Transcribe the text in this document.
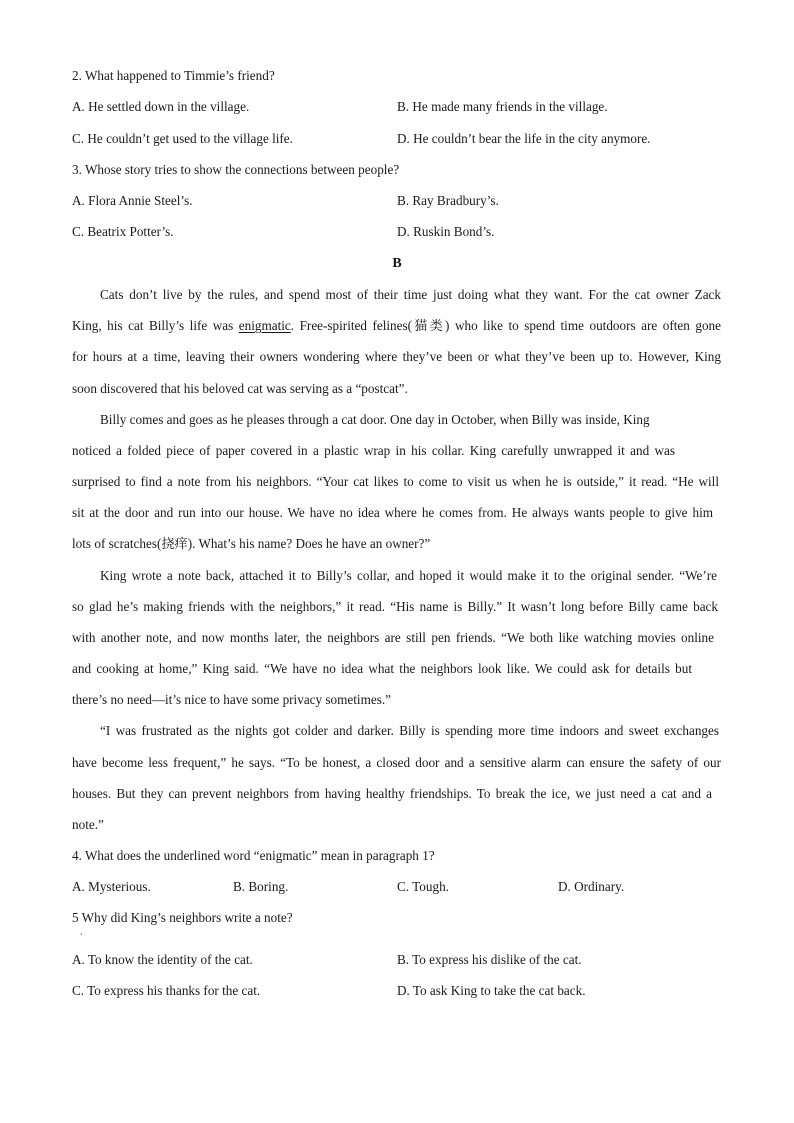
2. What happened to Timmie’s friend?
A. He settled down in the village.	B. He made many friends in the village.
C. He couldn’t get used to the village life.	D. He couldn’t bear the life in the city anymore.
3. Whose story tries to show the connections between people?
A. Flora Annie Steel’s.	B. Ray Bradbury’s.
C. Beatrix Potter’s.	D. Ruskin Bond’s.
B
Cats don’t live by the rules, and spend most of their time just doing what they want. For the cat owner Zack
King, his cat Billy’s life was enigmatic. Free-spirited felines(猫类) who like to spend time outdoors are often gone
for hours at a time, leaving their owners wondering where they’ve been or what they’ve been up to. However, King
soon discovered that his beloved cat was serving as a “postcat”.
Billy comes and goes as he pleases through a cat door. One day in October, when Billy was inside, King
noticed a folded piece of paper covered in a plastic wrap in his collar. King carefully unwrapped it and was
surprised to find a note from his neighbors. “Your cat likes to come to visit us when he is outside,” it read. “He will
sit at the door and run into our house. We have no idea where he comes from. He always wants people to give him
lots of scratches(挠痒). What’s his name? Does he have an owner?”
King wrote a note back, attached it to Billy’s collar, and hoped it would make it to the original sender. “We’re
so glad he’s making friends with the neighbors,” it read. “His name is Billy.” It wasn’t long before Billy came back
with another note, and now months later, the neighbors are still pen friends. “We both like watching movies online
and cooking at home,” King said. “We have no idea what the neighbors look like. We could ask for details but
there’s no need—it’s nice to have some privacy sometimes.”
“I was frustrated as the nights got colder and darker. Billy is spending more time indoors and sweet exchanges
have become less frequent,” he says. “To be honest, a closed door and a sensitive alarm can ensure the safety of our
houses. But they can prevent neighbors from having healthy friendships. To break the ice, we just need a cat and a
note.”
4. What does the underlined word “enigmatic” mean in paragraph 1?
A. Mysterious.	B. Boring.	C. Tough.	D. Ordinary.
5 Why did King’s neighbors write a note?
·
A. To know the identity of the cat.	B. To express his dislike of the cat.
C. To express his thanks for the cat.	D. To ask King to take the cat back.
